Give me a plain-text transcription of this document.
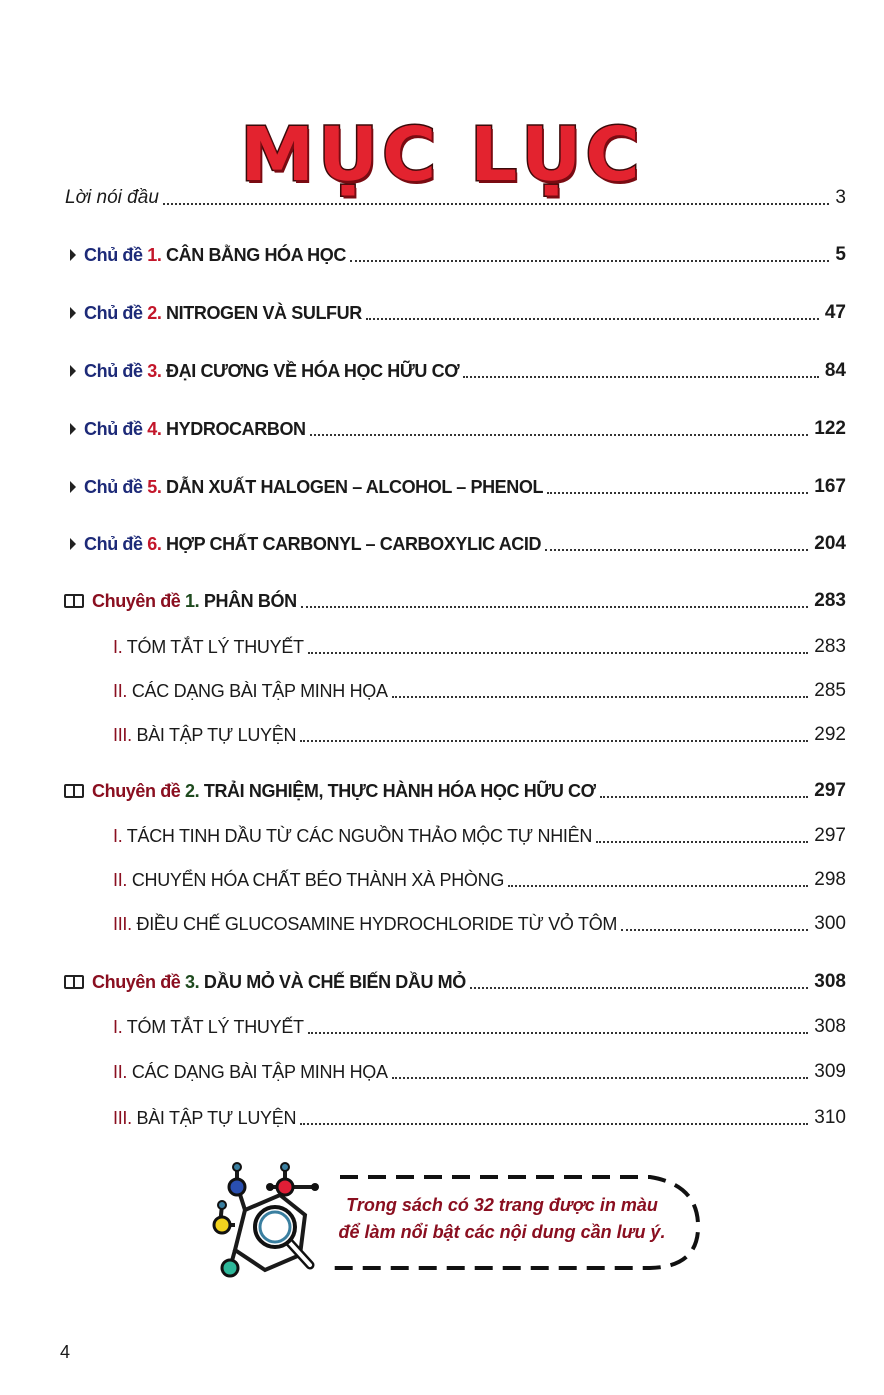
MỤC LỤC
Lời nói đầu	3
Chủ đề 1. CÂN BẰNG HÓA HỌC	5
Chủ đề 2. NITROGEN VÀ SULFUR	47
Chủ đề 3. ĐẠI CƯƠNG VỀ HÓA HỌC HỮU CƠ	84
Chủ đề 4. HYDROCARBON	122
Chủ đề 5. DẪN XUẤT HALOGEN – ALCOHOL – PHENOL	167
Chủ đề 6. HỢP CHẤT CARBONYL – CARBOXYLIC ACID	204
Chuyên đề 1. PHÂN BÓN	283
I. TÓM TẮT LÝ THUYẾT	283
II. CÁC DẠNG BÀI TẬP MINH HỌA	285
III. BÀI TẬP TỰ LUYỆN	292
Chuyên đề 2. TRẢI NGHIỆM, THỰC HÀNH HÓA HỌC HỮU CƠ	297
I. TÁCH TINH DẦU TỪ CÁC NGUỒN THẢO MỘC TỰ NHIÊN	297
II. CHUYỂN HÓA CHẤT BÉO THÀNH XÀ PHÒNG	298
III. ĐIỀU CHẾ GLUCOSAMINE HYDROCHLORIDE TỪ VỎ TÔM	300
Chuyên đề 3. DẦU MỎ VÀ CHẾ BIẾN DẦU MỎ	308
I. TÓM TẮT LÝ THUYẾT	308
II. CÁC DẠNG BÀI TẬP MINH HỌA	309
III. BÀI TẬP TỰ LUYỆN	310
Trong sách có 32 trang được in màu
để làm nổi bật các nội dung cần lưu ý.
4
